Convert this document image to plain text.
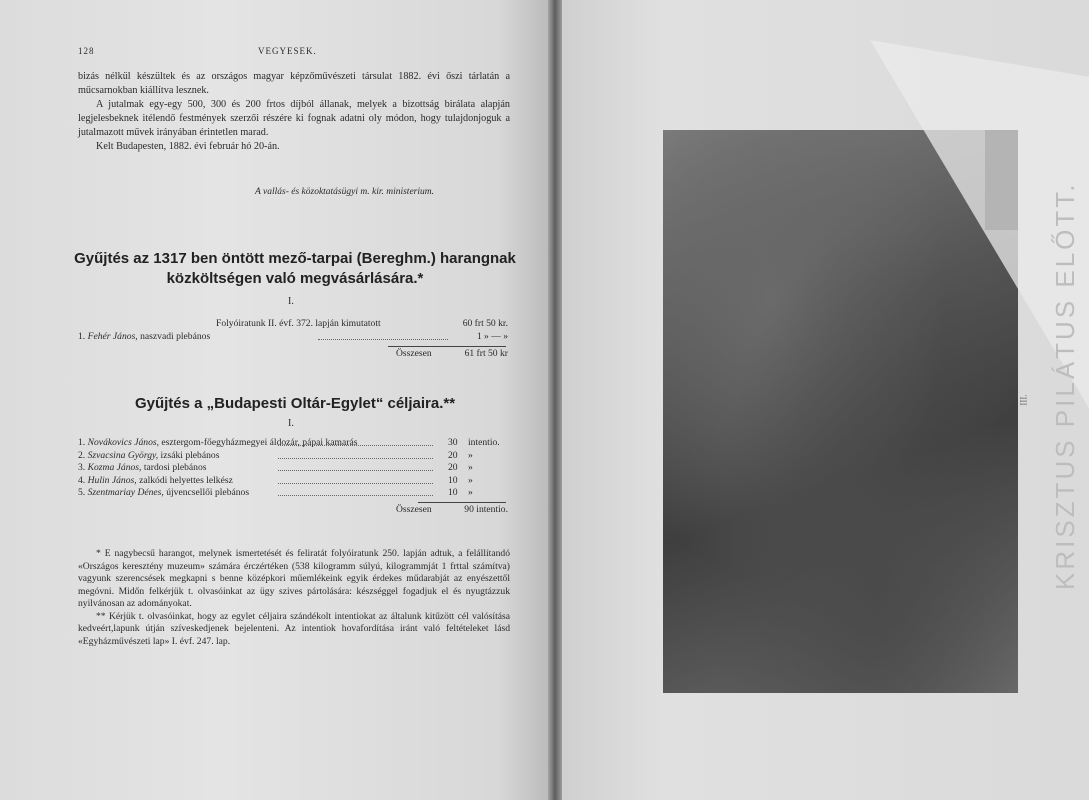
128	VEGYESEK.

bizás nélkül készültek és az országos magyar képzőművészeti társulat 1882. évi őszi tárlatán a műcsarnokban kiállítva lesznek.

A jutalmak egy-egy 500, 300 és 200 frtos díjból állanak, melyek a bizottság birálata alapján legjelesbeknek itélendő festmények szerzői részére ki fognak adatni oly módon, hogy tulajdonjoguk a jutalmazott művek irányában érintetlen marad.

Kelt Budapesten, 1882. évi február hó 20-án.

A vallás- és közoktatásügyi m. kir. ministerium.
Gyűjtés az 1317 ben öntött mező-tarpai (Bereghm.) harangnak
közköltségen való megvásárlására.*
I.
Folyóiratunk II. évf. 372. lapján kimutatott	60 frt 50 kr.
1. Fehér János, naszvadi plebános	1 » — »
Összesen	61 frt 50 kr
Gyűjtés a „Budapesti Oltár-Egylet“ céljaira.**
I.
1. Novákovics János, esztergom-főegyházmegyei áldozár, pápai kamarás	30 intentio.
2. Szvacsina György, izsáki plebános	20 »
3. Kozma János, tardosi plebános	20 »
4. Hulin János, zalkódi helyettes lelkész	10 »
5. Szentmariay Dénes, újvencsellői plebános	10 »
Összesen	90 intentio.

* E nagybecsű harangot, melynek ismertetését és feliratát folyóiratunk 250. lapján adtuk, a felállítandó «Országos keresztény muzeum» számára érczértéken (538 kilogramm súlyú, kilogrammját 1 frttal számítva) vagyunk szerencsések megkapni s benne középkori műemlékeink egyik érdekes műdarabját az enyészettől megóvni. Midőn felkérjük t. olvasóinkat az ügy szives pártolására: készséggel fogadjuk el és nyugtázzuk nyilvánosan az adományokat.

** Kérjük t. olvasóinkat, hogy az egylet céljaira szándékolt intentiokat az általunk kitűzött cél valósítása kedveért,lapunk útján szíveskedjenek bejelenteni. Az intentiok hovafordítása iránt való feltételeket lásd «Egyházművészeti lap» I. évf. 247. lap.

III. KRISZTUS PILÁTUS ELŐTT.
